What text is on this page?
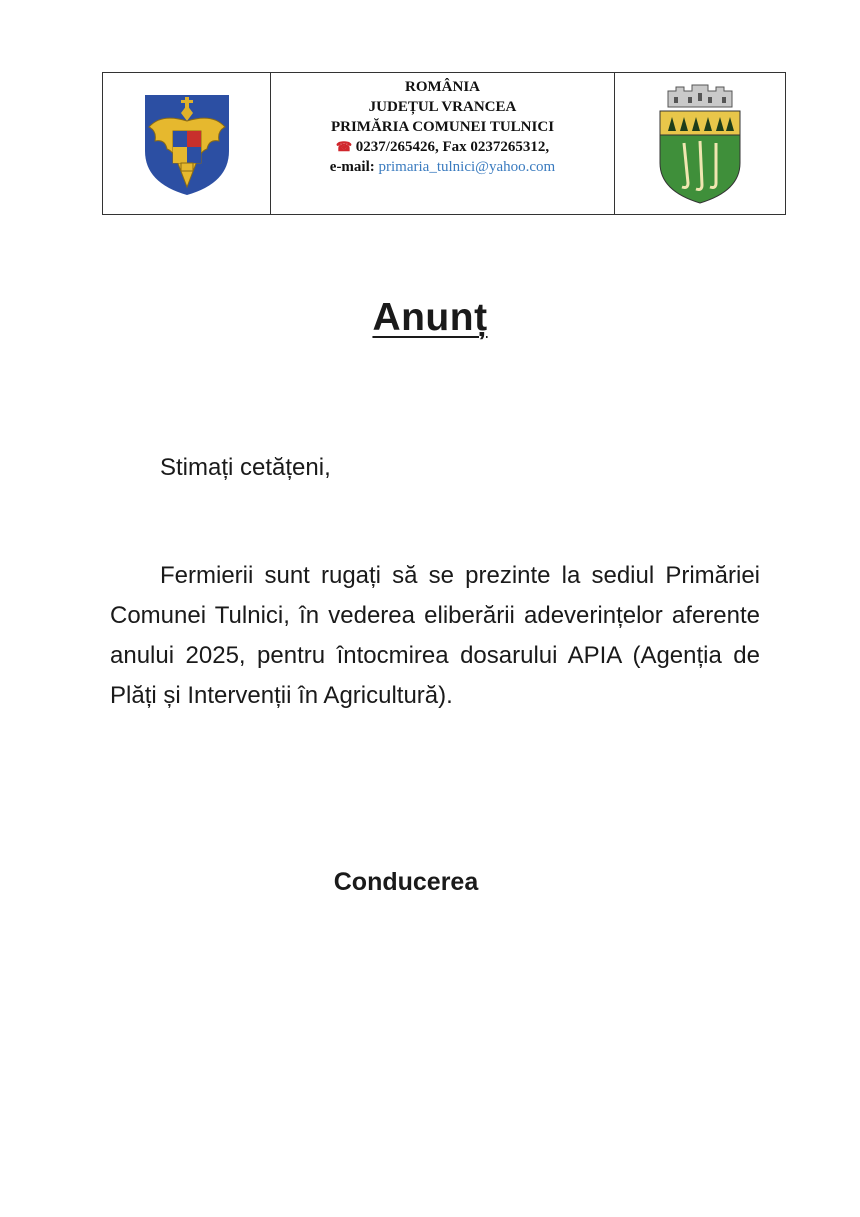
ROMÂNIA
JUDEȚUL VRANCEA
PRIMĂRIA COMUNEI TULNICI
☎ 0237/265426, Fax 0237265312,
e-mail: primaria_tulnici@yahoo.com
Anunț
Stimați cetățeni,
Fermierii sunt rugați să se prezinte la sediul Primăriei Comunei Tulnici, în vederea eliberării adeverințelor aferente anului 2025, pentru întocmirea dosarului APIA (Agenția de Plăți și Intervenții în Agricultură).
Conducerea
